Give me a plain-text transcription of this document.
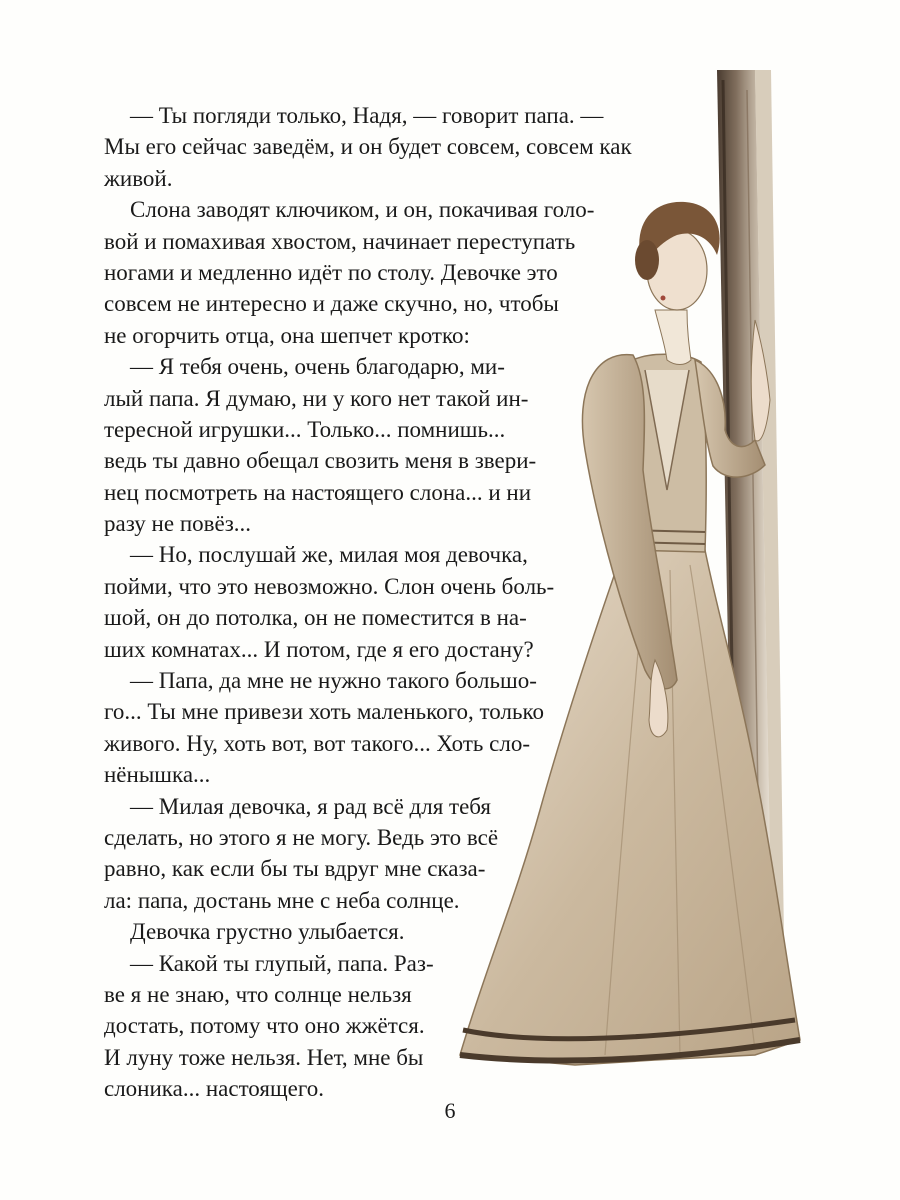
— Ты погляди только, Надя, — говорит папа. —
Мы его сейчас заведём, и он будет совсем, совсем как
живой.
Слона заводят ключиком, и он, покачивая голо-
вой и помахивая хвостом, начинает переступать
ногами и медленно идёт по столу. Девочке это
совсем не интересно и даже скучно, но, чтобы
не огорчить отца, она шепчет кротко:
— Я тебя очень, очень благодарю, ми-
лый папа. Я думаю, ни у кого нет такой ин-
тересной игрушки... Только... помнишь...
ведь ты давно обещал свозить меня в звери-
нец посмотреть на настоящего слона... и ни
разу не повёз...
— Но, послушай же, милая моя девочка,
пойми, что это невозможно. Слон очень боль-
шой, он до потолка, он не поместится в на-
ших комнатах... И потом, где я его достану?
— Папа, да мне не нужно такого большо-
го... Ты мне привези хоть маленького, только
живого. Ну, хоть вот, вот такого... Хоть сло-
нёнышка...
— Милая девочка, я рад всё для тебя
сделать, но этого я не могу. Ведь это всё
равно, как если бы ты вдруг мне сказа-
ла: папа, достань мне с неба солнце.
Девочка грустно улыбается.
— Какой ты глупый, папа. Раз-
ве я не знаю, что солнце нельзя
достать, потому что оно жжётся.
И луну тоже нельзя. Нет, мне бы
слоника... настоящего.
6
